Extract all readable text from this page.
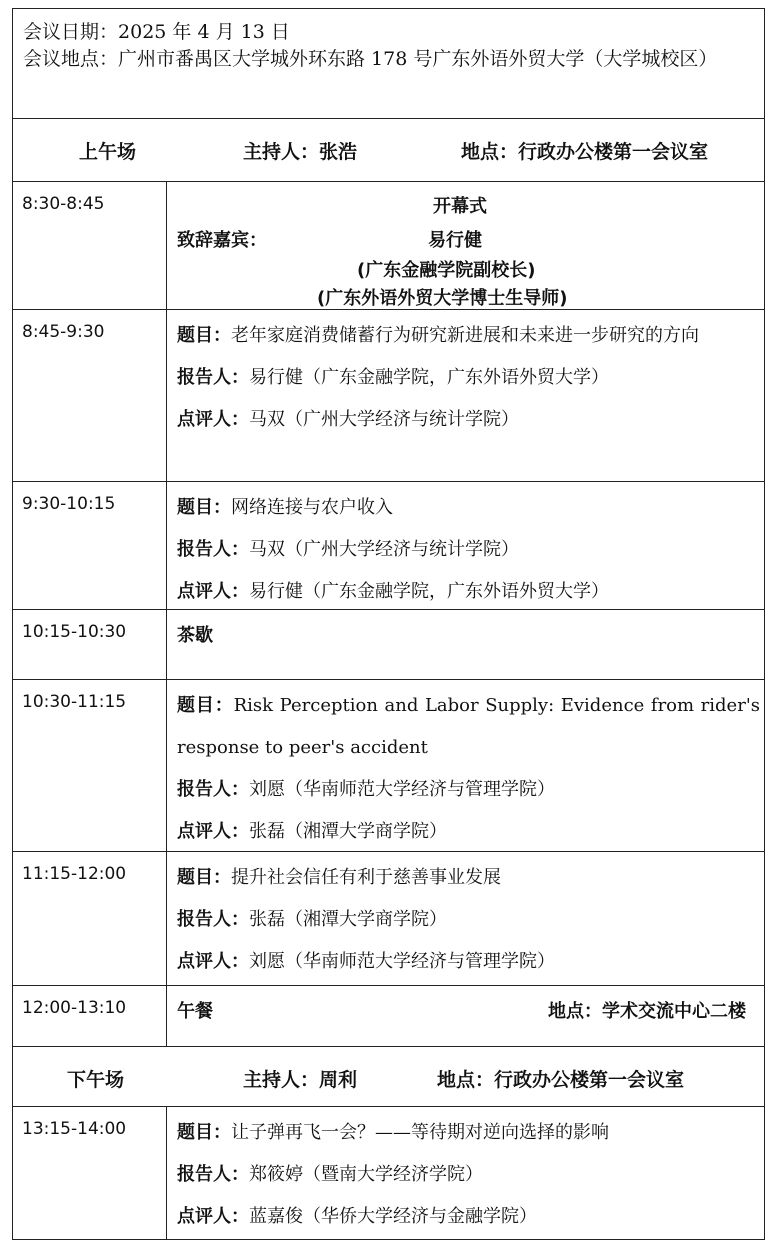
会议日期： 2025 年 4 月 13 日
会议地点： 广州市番禺区大学城外环东路 178 号广东外语外贸大学（大学城校区）
上午场	主持人：张浩	地点：行政办公楼第一会议室
8:30-8:45	开幕式
致辞嘉宾：	易行健
(广东金融学院副校长)
(广东外语外贸大学博士生导师)
8:45-9:30	题目：老年家庭消费储蓄行为研究新进展和未来进一步研究的方向
报告人：易行健（广东金融学院，广东外语外贸大学）
点评人：马双（广州大学经济与统计学院）
9:30-10:15	题目：网络连接与农户收入
报告人：马双（广州大学经济与统计学院）
点评人：易行健（广东金融学院，广东外语外贸大学）
10:15-10:30	茶歇
10:30-11:15	题目：Risk Perception and Labor Supply: Evidence from rider's response to peer's accident
报告人：刘愿（华南师范大学经济与管理学院）
点评人：张磊（湘潭大学商学院）
11:15-12:00	题目：提升社会信任有利于慈善事业发展
报告人：张磊（湘潭大学商学院）
点评人：刘愿（华南师范大学经济与管理学院）
12:00-13:10	午餐	地点：学术交流中心二楼
下午场	主持人：周利	地点：行政办公楼第一会议室
13:15-14:00	题目：让子弹再飞一会？——等待期对逆向选择的影响
报告人：郑筱婷（暨南大学经济学院）
点评人：蓝嘉俊（华侨大学经济与金融学院）
